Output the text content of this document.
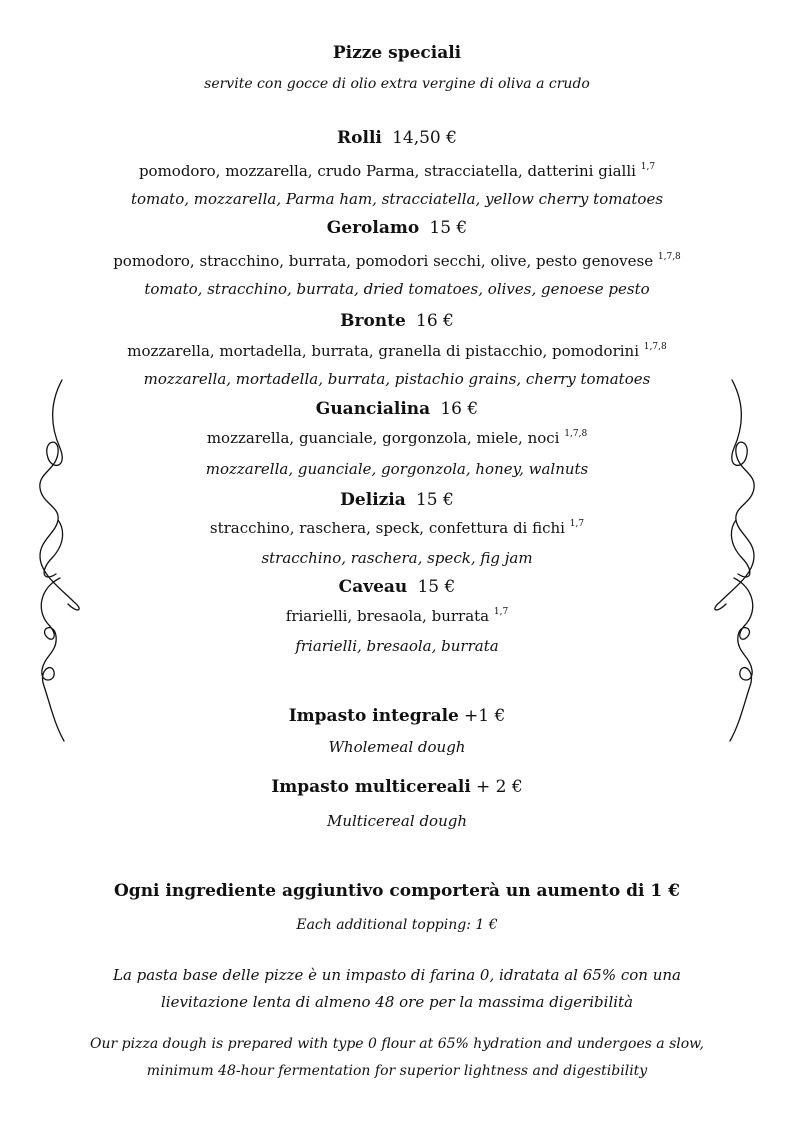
Pizze speciali
servite con gocce di olio extra vergine di oliva a crudo
Rolli 14,50 €
pomodoro, mozzarella, crudo Parma, stracciatella, datterini gialli $^{1,7}$
tomato, mozzarella, Parma ham, stracciatella, yellow cherry tomatoes
Gerolamo 15 €
pomodoro, stracchino, burrata, pomodori secchi, olive, pesto genovese $^{1,7,8}$
tomato, stracchino, burrata, dried tomatoes, olives, genoese pesto
Bronte 16 €
mozzarella, mortadella, burrata, granella di pistacchio, pomodorini $^{1,7,8}$
mozzarella, mortadella, burrata, pistachio grains, cherry tomatoes
Guancialina 16 €
mozzarella, guanciale, gorgonzola, miele, noci $^{1,7,8}$
mozzarella, guanciale, gorgonzola, honey, walnuts
Delizia 15 €
stracchino, raschera, speck, confettura di fichi $^{1,7}$
stracchino, raschera, speck, fig jam
Caveau 15 €
friarielli, bresaola, burrata $^{1,7}$
friarielli, bresaola, burrata
Impasto integrale +1 €
Wholemeal dough
Impasto multicereali + 2 €
Multicereal dough
Ogni ingrediente aggiuntivo comporterà un aumento di 1 €
Each additional topping: 1 €
La pasta base delle pizze è un impasto di farina 0, idratata al 65% con una
lievitazione lenta di almeno 48 ore per la massima digeribilità
Our pizza dough is prepared with type 0 flour at 65% hydration and undergoes a slow,
minimum 48-hour fermentation for superior lightness and digestibility
